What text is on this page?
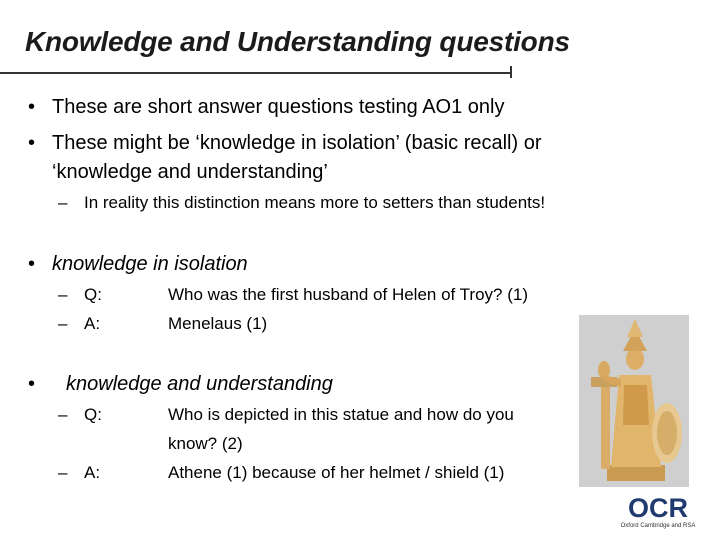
Knowledge and Understanding questions
• These are short answer questions testing AO1 only
• These might be ‘knowledge in isolation’ (basic recall) or
‘knowledge and understanding’
– In reality this distinction means more to setters than students!
• knowledge in isolation
– Q:	Who was the first husband of Helen of Troy? (1)
– A:	Menelaus (1)
• knowledge and understanding
– Q:	Who is depicted in this statue and how do you
know? (2)
– A:	Athene (1) because of her helmet / shield (1)
OCR
Oxford Cambridge and RSA
